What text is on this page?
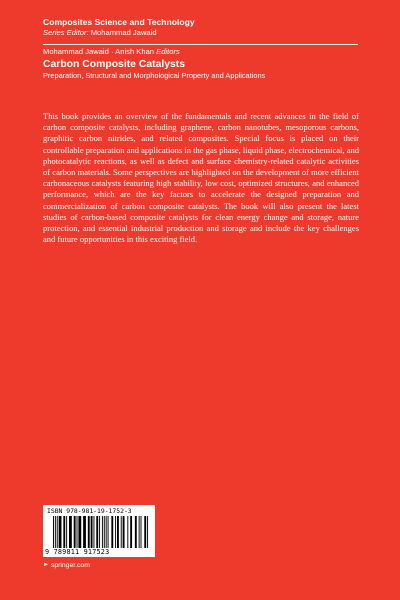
Composites Science and Technology
Series Editor: Mohammad Jawaid
Mohammad Jawaid · Anish Khan Editors
Carbon Composite Catalysts
Preparation, Structural and Morphological Property and Applications

This book provides an overview of the fundamentals and recent advances in the field of carbon composite catalysts, including graphene, carbon nanotubes, mesoporous carbons, graphitic carbon nitrides, and related composites. Special focus is placed on their controllable preparation and applications in the gas phase, liquid phase, electrochemical, and photocatalytic reactions, as well as defect and surface chemistry-related catalytic activities of carbon materials. Some perspectives are highlighted on the development of more efficient carbonaceous catalysts featuring high stability, low cost, optimized structures, and enhanced performance, which are the key factors to accelerate the designed preparation and commercialization of carbon composite catalysts. The book will also present the latest studies of carbon-based composite catalysts for clean energy change and storage, nature protection, and essential industrial production and storage and include the key challenges and future opportunities in this exciting field.

ISBN 978-981-19-1752-3
9 789811 917523
► springer.com
